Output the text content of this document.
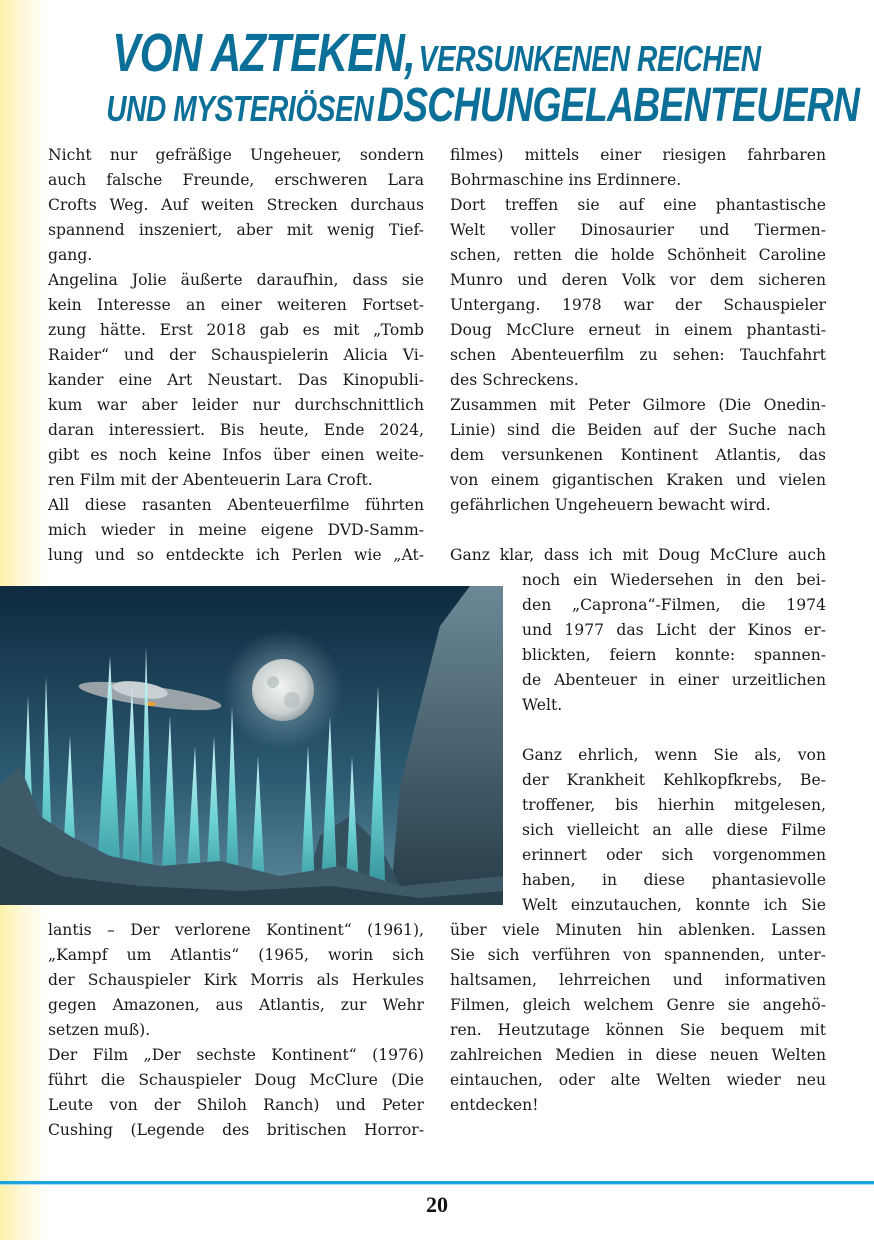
VON AZTEKEN, VERSUNKENEN REICHEN
UND MYSTERIÖSEN DSCHUNGELABENTEUERN
Nicht nur gefräßige Ungeheuer, sondern
auch falsche Freunde, erschweren Lara
Crofts Weg. Auf weiten Strecken durchaus
spannend inszeniert, aber mit wenig Tief-
gang.
Angelina Jolie äußerte daraufhin, dass sie
kein Interesse an einer weiteren Fortset-
zung hätte. Erst 2018 gab es mit „Tomb
Raider“ und der Schauspielerin Alicia Vi-
kander eine Art Neustart. Das Kinopubli-
kum war aber leider nur durchschnittlich
daran interessiert. Bis heute, Ende 2024,
gibt es noch keine Infos über einen weite-
ren Film mit der Abenteuerin Lara Croft.
All diese rasanten Abenteuerfilme führten
mich wieder in meine eigene DVD-Samm-
lung und so entdeckte ich Perlen wie „At-
lantis – Der verlorene Kontinent“ (1961),
„Kampf um Atlantis“ (1965, worin sich
der Schauspieler Kirk Morris als Herkules
gegen Amazonen, aus Atlantis, zur Wehr
setzen muß).
Der Film „Der sechste Kontinent“ (1976)
führt die Schauspieler Doug McClure (Die
Leute von der Shiloh Ranch) und Peter
Cushing (Legende des britischen Horror-
filmes) mittels einer riesigen fahrbaren
Bohrmaschine ins Erdinnere.
Dort treffen sie auf eine phantastische
Welt voller Dinosaurier und Tiermen-
schen, retten die holde Schönheit Caroline
Munro und deren Volk vor dem sicheren
Untergang. 1978 war der Schauspieler
Doug McClure erneut in einem phantasti-
schen Abenteuerfilm zu sehen: Tauchfahrt
des Schreckens.
Zusammen mit Peter Gilmore (Die Onedin-
Linie) sind die Beiden auf der Suche nach
dem versunkenen Kontinent Atlantis, das
von einem gigantischen Kraken und vielen
gefährlichen Ungeheuern bewacht wird.
Ganz klar, dass ich mit Doug McClure auch
noch ein Wiedersehen in den bei-
den „Caprona“-Filmen, die 1974
und 1977 das Licht der Kinos er-
blickten, feiern konnte: spannen-
de Abenteuer in einer urzeitlichen
Welt.
Ganz ehrlich, wenn Sie als, von
der Krankheit Kehlkopfkrebs, Be-
troffener, bis hierhin mitgelesen,
sich vielleicht an alle diese Filme
erinnert oder sich vorgenommen
haben, in diese phantasievolle
Welt einzutauchen, konnte ich Sie
über viele Minuten hin ablenken. Lassen
Sie sich verführen von spannenden, unter-
haltsamen, lehrreichen und informativen
Filmen, gleich welchem Genre sie angehö-
ren. Heutzutage können Sie bequem mit
zahlreichen Medien in diese neuen Welten
eintauchen, oder alte Welten wieder neu
entdecken!
20
